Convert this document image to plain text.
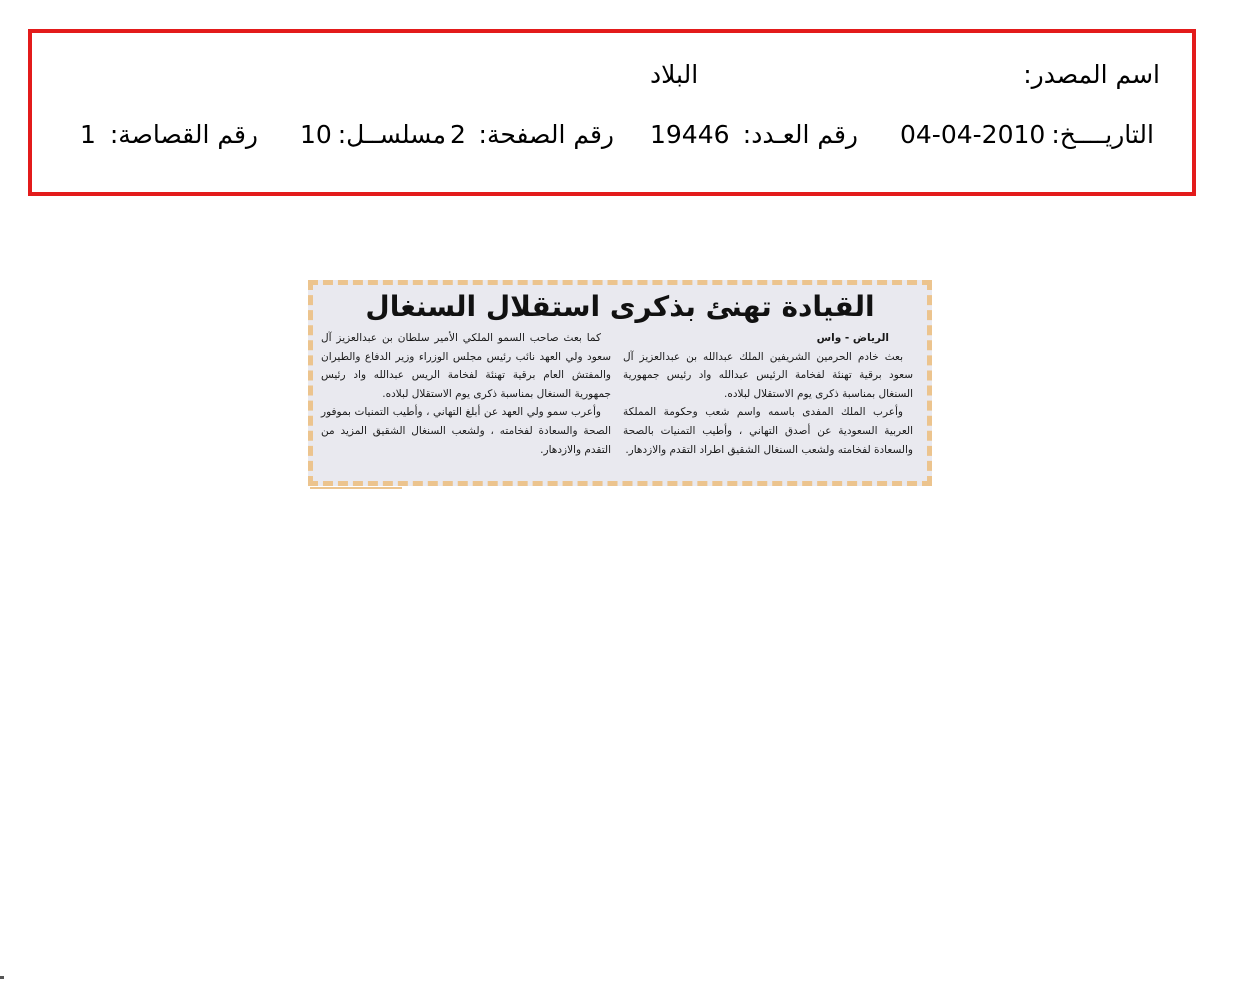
اسم المصدر:
البلاد
التاريــــخ:
04-04-2010
رقم العـدد:
19446
رقم الصفحة:
2
مسلســل:
10
رقم القصاصة:
1
القيادة تهنئ بذكرى استقلال السنغال

الرياض - واس

بعث خادم الحرمين الشريفين الملك عبدالله بن عبدالعزيز آل سعود برقية تهنئة لفخامة الرئيس عبدالله واد رئيس جمهورية السنغال بمناسبة ذكرى يوم الاستقلال لبلاده.

وأعرب الملك المفدى باسمه واسم شعب وحكومة المملكة العربية السعودية عن أصدق التهاني ، وأطيب التمنيات بالصحة والسعادة لفخامته ولشعب السنغال الشقيق اطراد التقدم والازدهار.

كما بعث صاحب السمو الملكي الأمير سلطان بن عبدالعزيز آل سعود ولي العهد نائب رئيس مجلس الوزراء وزير الدفاع والطيران والمفتش العام برقية تهنئة لفخامة الريس عبدالله واد رئيس جمهورية السنغال بمناسبة ذكرى يوم الاستقلال لبلاده.

وأعرب سمو ولي العهد عن أبلغ التهاني ، وأطيب التمنيات بموفور الصحة والسعادة لفخامته ، ولشعب السنغال الشقيق المزيد من التقدم والازدهار.
